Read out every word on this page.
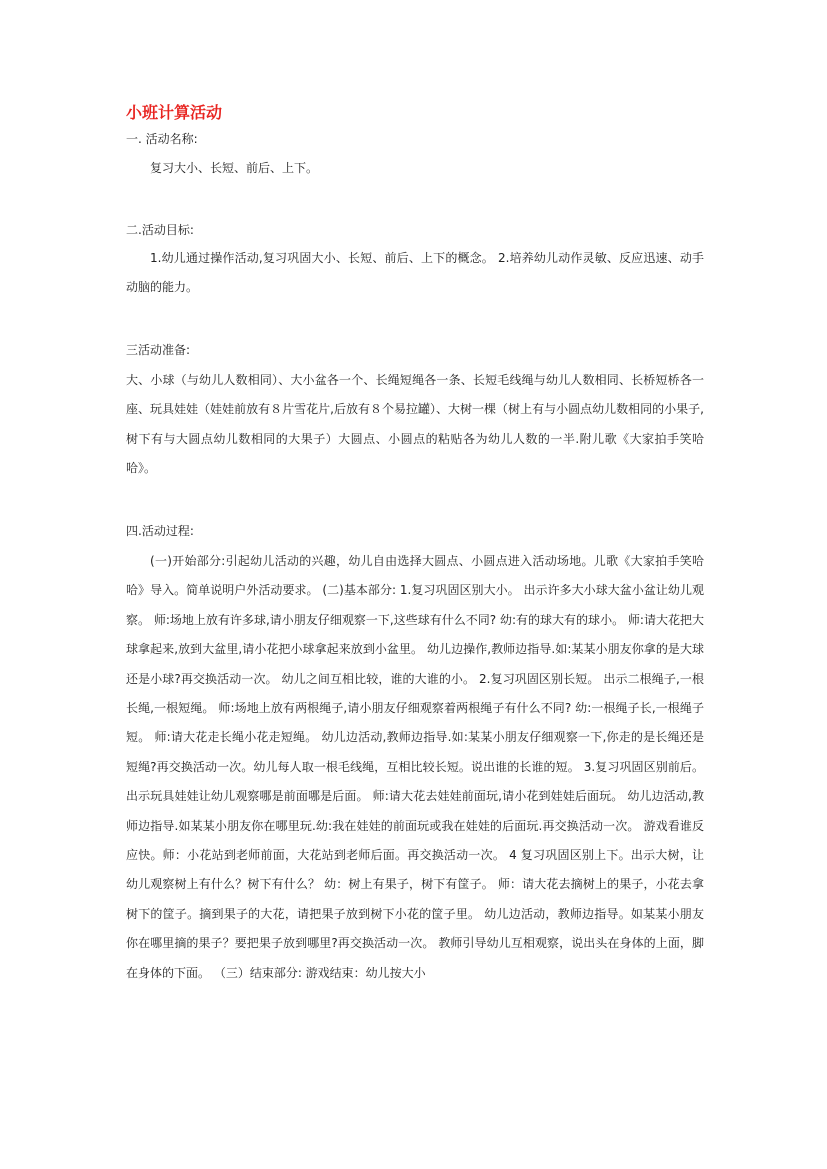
小班计算活动

一. 活动名称:

复习大小、长短、前后、上下。

二.活动目标:

1.幼儿通过操作活动,复习巩固大小、长短、前后、上下的概念。 2.培养幼儿动作灵敏、反应迅速、动手动脑的能力。

三活动准备:

大、小球（与幼儿人数相同）、大小盆各一个、长绳短绳各一条、长短毛线绳与幼儿人数相同、长桥短桥各一座、玩具娃娃（娃娃前放有８片雪花片,后放有８个易拉罐）、大树一棵（树上有与小圆点幼儿数相同的小果子,树下有与大圆点幼儿数相同的大果子）大圆点、小圆点的粘贴各为幼儿人数的一半.附儿歌《大家拍手笑哈哈》。

四.活动过程:

(一)开始部分:引起幼儿活动的兴趣，幼儿自由选择大圆点、小圆点进入活动场地。儿歌《大家拍手笑哈哈》导入。简单说明户外活动要求。 (二)基本部分: 1.复习巩固区别大小。 出示许多大小球大盆小盆让幼儿观察。 师:场地上放有许多球,请小朋友仔细观察一下,这些球有什么不同? 幼:有的球大有的球小。 师:请大花把大球拿起来,放到大盆里,请小花把小球拿起来放到小盆里。 幼儿边操作,教师边指导.如:某某小朋友你拿的是大球还是小球?再交换活动一次。 幼儿之间互相比较，谁的大谁的小。 2.复习巩固区别长短。 出示二根绳子,一根长绳,一根短绳。 师:场地上放有两根绳子,请小朋友仔细观察着两根绳子有什么不同? 幼:一根绳子长,一根绳子短。 师:请大花走长绳小花走短绳。 幼儿边活动,教师边指导.如:某某小朋友仔细观察一下,你走的是长绳还是短绳?再交换活动一次。幼儿每人取一根毛线绳，互相比较长短。说出谁的长谁的短。 3.复习巩固区别前后。 出示玩具娃娃让幼儿观察哪是前面哪是后面。 师:请大花去娃娃前面玩,请小花到娃娃后面玩。 幼儿边活动,教师边指导.如某某小朋友你在哪里玩.幼:我在娃娃的前面玩或我在娃娃的后面玩.再交换活动一次。 游戏看谁反应快。师：小花站到老师前面，大花站到老师后面。再交换活动一次。 4 复习巩固区别上下。出示大树，让幼儿观察树上有什么？树下有什么？ 幼：树上有果子，树下有筐子。 师：请大花去摘树上的果子，小花去拿树下的筐子。摘到果子的大花，请把果子放到树下小花的筐子里。 幼儿边活动，教师边指导。如某某小朋友你在哪里摘的果子？要把果子放到哪里?再交换活动一次。 教师引导幼儿互相观察，说出头在身体的上面，脚在身体的下面。 （三）结束部分: 游戏结束：幼儿按大小
